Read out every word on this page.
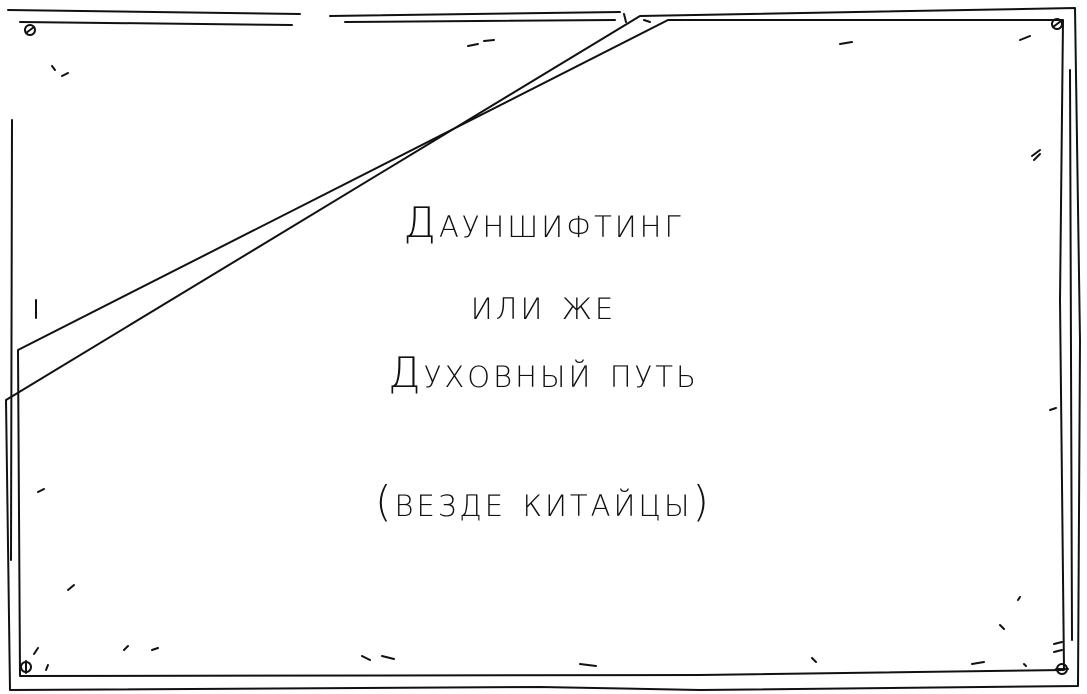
Дауншифтинг
или же
Духовный путь
(везде китайцы)
